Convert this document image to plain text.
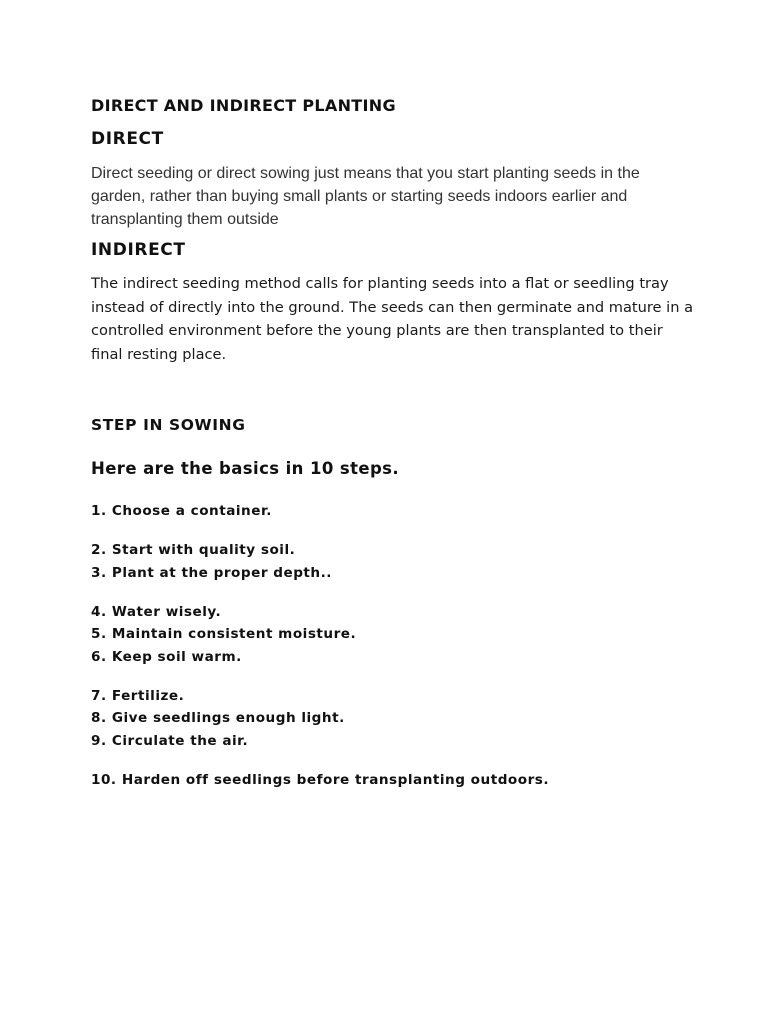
DIRECT AND INDIRECT PLANTING
DIRECT

Direct seeding or direct sowing just means that you start planting seeds in the
garden, rather than buying small plants or starting seeds indoors earlier and
transplanting them outside

INDIRECT

The indirect seeding method calls for planting seeds into a flat or seedling tray
instead of directly into the ground. The seeds can then germinate and mature in a
controlled environment before the young plants are then transplanted to their
final resting place.

STEP IN SOWING
Here are the basics in 10 steps.
1. Choose a container.
2. Start with quality soil.
3. Plant at the proper depth..
4. Water wisely.
5. Maintain consistent moisture.
6. Keep soil warm.
7. Fertilize.
8. Give seedlings enough light.
9. Circulate the air.
10. Harden off seedlings before transplanting outdoors.
